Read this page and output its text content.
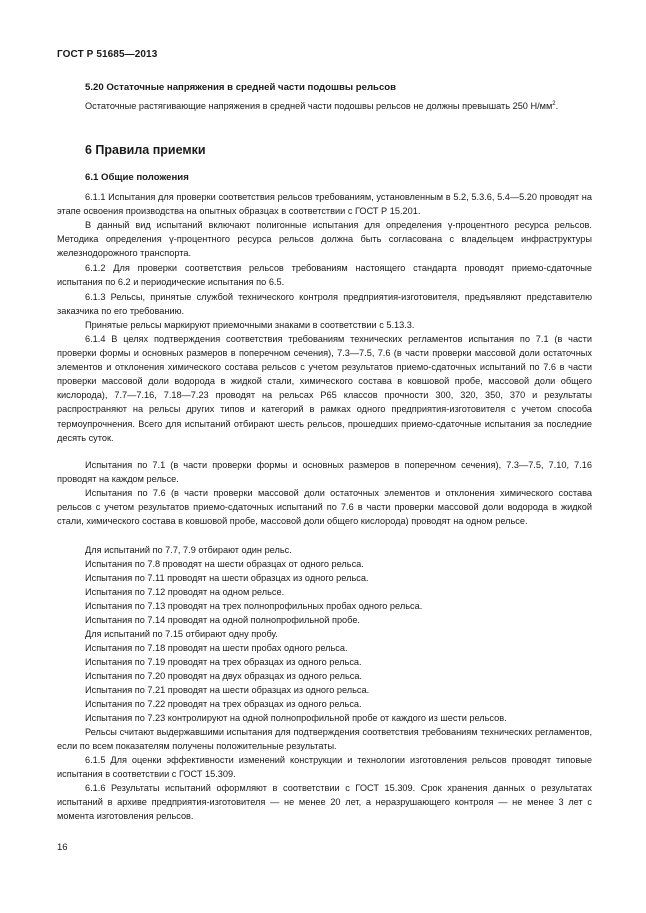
ГОСТ Р 51685—2013
5.20 Остаточные напряжения в средней части подошвы рельсов

Остаточные растягивающие напряжения в средней части подошвы рельсов не должны превышать 250 $Н/мм^2$.

6 Правила приемки
6.1 Общие положения

6.1.1 Испытания для проверки соответствия рельсов требованиям, установленным в 5.2, 5.3.6, 5.4—5.20 проводят на этапе освоения производства на опытных образцах в соответствии с ГОСТ Р 15.201.

В данный вид испытаний включают полигонные испытания для определения γ-процентного ресурса рельсов. Методика определения γ-процентного ресурса рельсов должна быть согласована с владельцем инфраструктуры железнодорожного транспорта.

6.1.2 Для проверки соответствия рельсов требованиям настоящего стандарта проводят приемо-сдаточные испытания по 6.2 и периодические испытания по 6.5.

6.1.3 Рельсы, принятые службой технического контроля предприятия-изготовителя, предъявляют представителю заказчика по его требованию.

Принятые рельсы маркируют приемочными знаками в соответствии с 5.13.3.

6.1.4 В целях подтверждения соответствия требованиям технических регламентов испытания по 7.1 (в части проверки формы и основных размеров в поперечном сечения), 7.3—7.5, 7.6 (в части проверки массовой доли остаточных элементов и отклонения химического состава рельсов с учетом результатов приемо-сдаточных испытаний по 7.6 в части проверки массовой доли водорода в жидкой стали, химического состава в ковшовой пробе, массовой доли общего кислорода), 7.7—7.16, 7.18—7.23 проводят на рельсах Р65 классов прочности 300, 320, 350, 370 и результаты распространяют на рельсы других типов и категорий в рамках одного предприятия-изготовителя с учетом способа термоупрочнения. Всего для испытаний отбирают шесть рельсов, прошедших приемо-сдаточные испытания за последние десять суток.

Испытания по 7.1 (в части проверки формы и основных размеров в поперечном сечения), 7.3—7.5, 7.10, 7.16 проводят на каждом рельсе.

Испытания по 7.6 (в части проверки массовой доли остаточных элементов и отклонения химического состава рельсов с учетом результатов приемо-сдаточных испытаний по 7.6 в части проверки массовой доли водорода в жидкой стали, химического состава в ковшовой пробе, массовой доли общего кислорода) проводят на одном рельсе.

Для испытаний по 7.7, 7.9 отбирают один рельс.

Испытания по 7.8 проводят на шести образцах от одного рельса.

Испытания по 7.11 проводят на шести образцах из одного рельса.

Испытания по 7.12 проводят на одном рельсе.

Испытания по 7.13 проводят на трех полнопрофильных пробах одного рельса.

Испытания по 7.14 проводят на одной полнопрофильной пробе.

Для испытаний по 7.15 отбирают одну пробу.

Испытания по 7.18 проводят на шести пробах одного рельса.

Испытания по 7.19 проводят на трех образцах из одного рельса.

Испытания по 7.20 проводят на двух образцах из одного рельса.

Испытания по 7.21 проводят на шести образцах из одного рельса.

Испытания по 7.22 проводят на трех образцах из одного рельса.

Испытания по 7.23 контролируют на одной полнопрофильной пробе от каждого из шести рельсов.

Рельсы считают выдержавшими испытания для подтверждения соответствия требованиям технических регламентов, если по всем показателям получены положительные результаты.

6.1.5 Для оценки эффективности изменений конструкции и технологии изготовления рельсов проводят типовые испытания в соответствии с ГОСТ 15.309.

6.1.6 Результаты испытаний оформляют в соответствии с ГОСТ 15.309. Срок хранения данных о результатах испытаний в архиве предприятия-изготовителя — не менее 20 лет, а неразрушающего контроля — не менее 3 лет с момента изготовления рельсов.

16
